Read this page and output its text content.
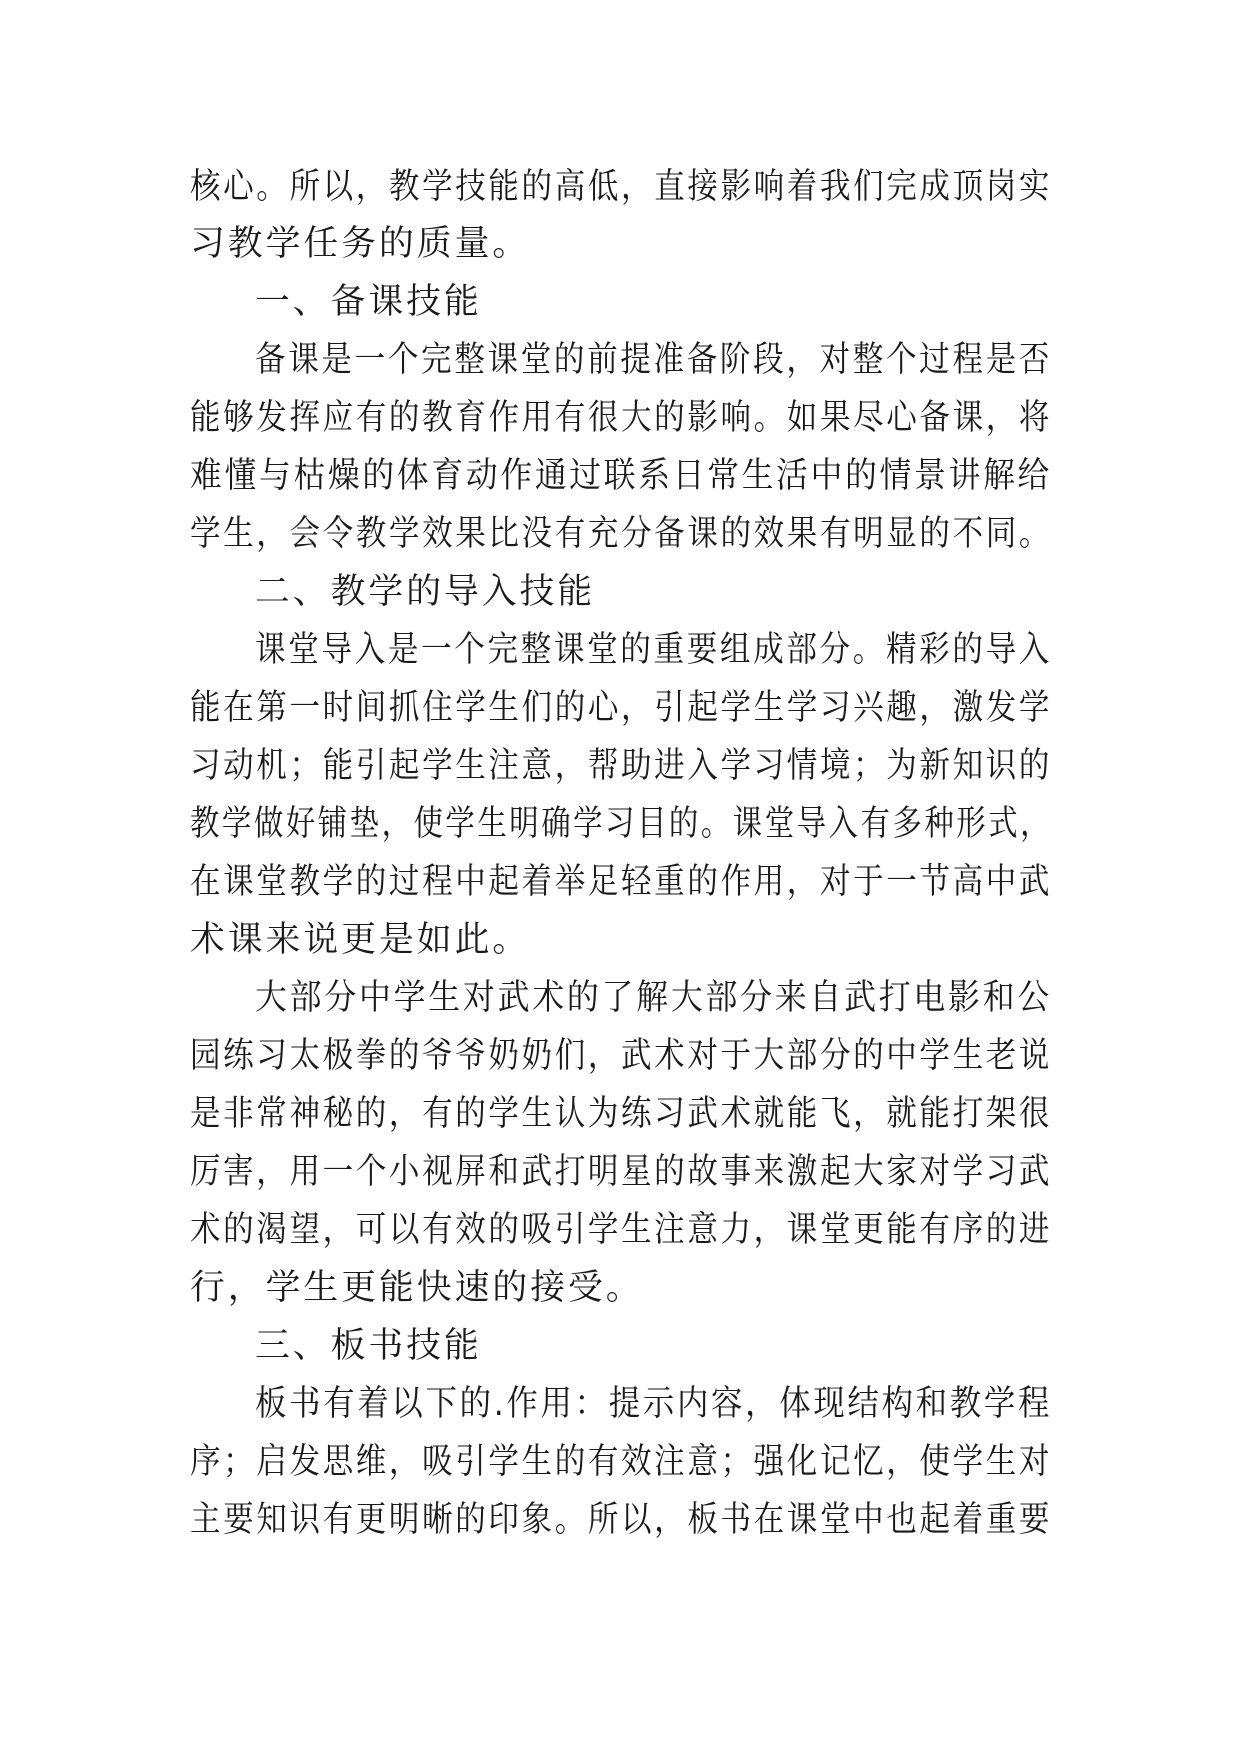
核心。所以，教学技能的高低，直接影响着我们完成顶岗实
习教学任务的质量。
一、备课技能
备课是一个完整课堂的前提准备阶段，对整个过程是否
能够发挥应有的教育作用有很大的影响。如果尽心备课，将
难懂与枯燥的体育动作通过联系日常生活中的情景讲解给
学生，会令教学效果比没有充分备课的效果有明显的不同。
二、教学的导入技能
课堂导入是一个完整课堂的重要组成部分。精彩的导入
能在第一时间抓住学生们的心，引起学生学习兴趣，激发学
习动机；能引起学生注意，帮助进入学习情境；为新知识的
教学做好铺垫，使学生明确学习目的。课堂导入有多种形式，
在课堂教学的过程中起着举足轻重的作用，对于一节高中武
术课来说更是如此。
大部分中学生对武术的了解大部分来自武打电影和公
园练习太极拳的爷爷奶奶们，武术对于大部分的中学生老说
是非常神秘的，有的学生认为练习武术就能飞，就能打架很
厉害，用一个小视屏和武打明星的故事来激起大家对学习武
术的渴望，可以有效的吸引学生注意力，课堂更能有序的进
行，学生更能快速的接受。
三、板书技能
板书有着以下的.作用：提示内容，体现结构和教学程
序；启发思维，吸引学生的有效注意；强化记忆，使学生对
主要知识有更明晰的印象。所以，板书在课堂中也起着重要
